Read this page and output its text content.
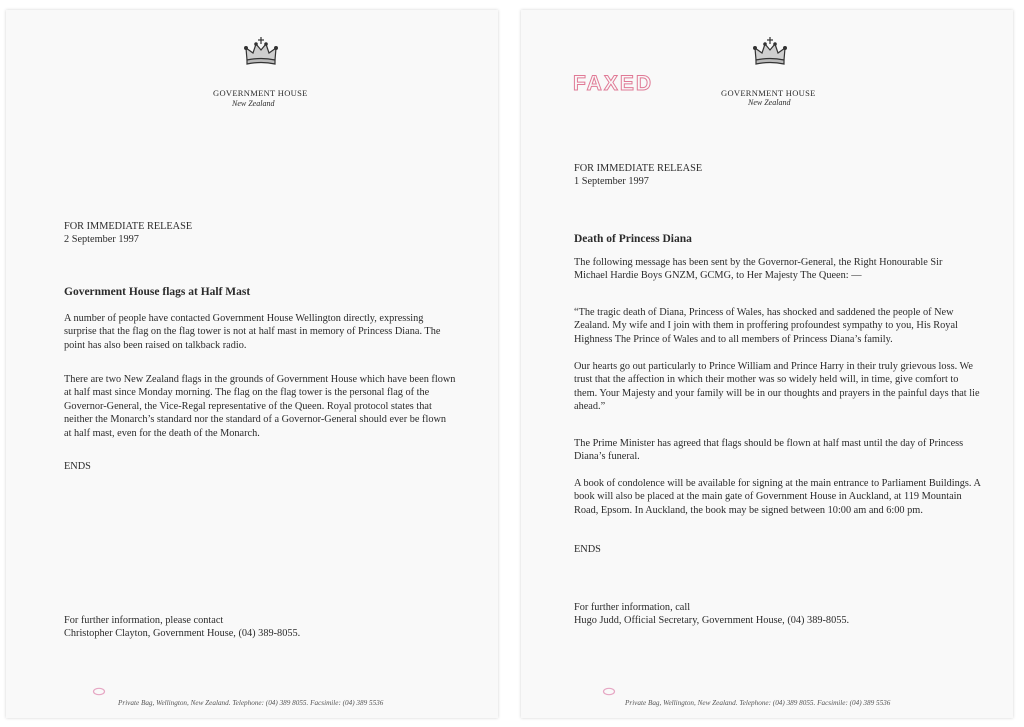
GOVERNMENT HOUSE
New Zealand
FOR IMMEDIATE RELEASE
2 September 1997
Government House flags at Half Mast
A number of people have contacted Government House Wellington directly, expressing surprise that the flag on the flag tower is not at half mast in memory of Princess Diana. The point has also been raised on talkback radio.
There are two New Zealand flags in the grounds of Government House which have been flown at half mast since Monday morning. The flag on the flag tower is the personal flag of the Governor-General, the Vice-Regal representative of the Queen. Royal protocol states that neither the Monarch’s standard nor the standard of a Governor-General should ever be flown at half mast, even for the death of the Monarch.
ENDS
For further information, please contact
Christopher Clayton, Government House, (04) 389-8055.
Private Bag, Wellington, New Zealand. Telephone: (04) 389 8055. Facsimile: (04) 389 5536
FAXED	GOVERNMENT HOUSE
New Zealand
FOR IMMEDIATE RELEASE
1 September 1997
Death of Princess Diana
The following message has been sent by the Governor-General, the Right Honourable Sir Michael Hardie Boys GNZM, GCMG, to Her Majesty The Queen: —
“The tragic death of Diana, Princess of Wales, has shocked and saddened the people of New Zealand. My wife and I join with them in proffering profoundest sympathy to you, His Royal Highness The Prince of Wales and to all members of Princess Diana’s family.
Our hearts go out particularly to Prince William and Prince Harry in their truly grievous loss. We trust that the affection in which their mother was so widely held will, in time, give comfort to them. Your Majesty and your family will be in our thoughts and prayers in the painful days that lie ahead.”
The Prime Minister has agreed that flags should be flown at half mast until the day of Princess Diana’s funeral.
A book of condolence will be available for signing at the main entrance to Parliament Buildings. A book will also be placed at the main gate of Government House in Auckland, at 119 Mountain Road, Epsom. In Auckland, the book may be signed between 10:00 am and 6:00 pm.
ENDS
For further information, call
Hugo Judd, Official Secretary, Government House, (04) 389-8055.
Private Bag, Wellington, New Zealand. Telephone: (04) 389 8055. Facsimile: (04) 389 5536
